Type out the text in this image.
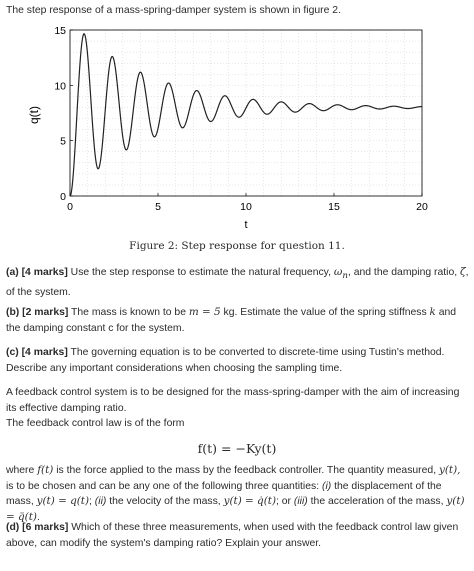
The step response of a mass-spring-damper system is shown in figure 2.

0	5	10	15	20
0
5
10
15
q(t)
t
Figure 2: Step response for question 11.

(a) [4 marks] Use the step response to estimate the natural frequency, $\omega_n$, and the damping ratio, ζ, of the system.

(b) [2 marks] The mass is known to be m = 5 kg. Estimate the value of the spring stiffness k and the damping constant c for the system.

(c) [4 marks] The governing equation is to be converted to discrete-time using Tustin's method. Describe any important considerations when choosing the sampling time.

A feedback control system is to be designed for the mass-spring-damper with the aim of increasing its effective damping ratio.
The feedback control law is of the form

f(t) = −Ky(t)

where f(t) is the force applied to the mass by the feedback controller. The quantity measured, y(t), is to be chosen and can be any one of the following three quantities: (i) the displacement of the mass, y(t) = q(t); (ii) the velocity of the mass, y(t) = q̇(t); or (iii) the acceleration of the mass, y(t) = q̈(t).

(d) [6 marks] Which of these three measurements, when used with the feedback control law given above, can modify the system's damping ratio? Explain your answer.
